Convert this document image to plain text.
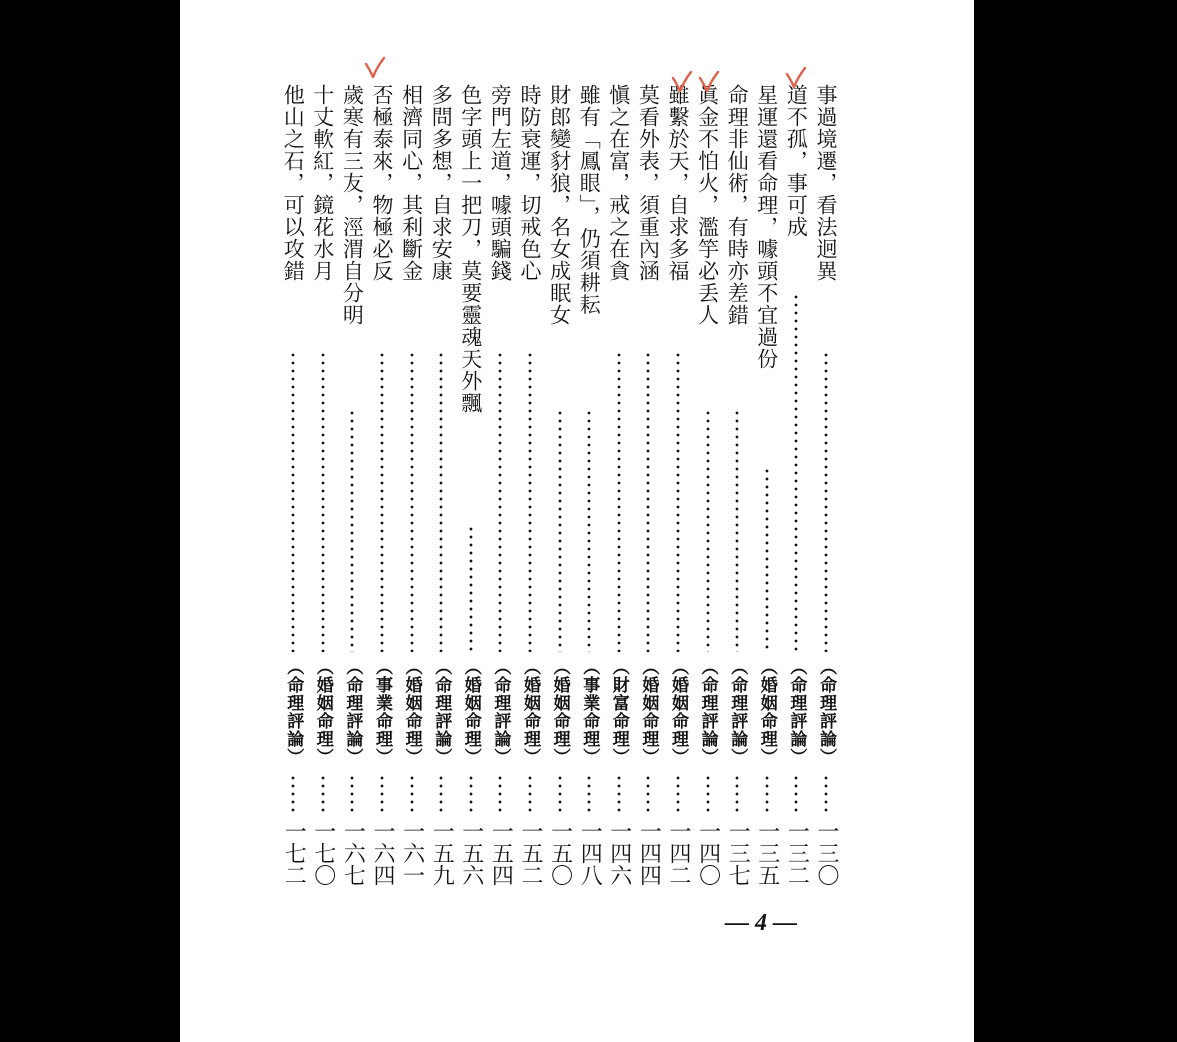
事過境遷，看法迥異
（命理評論）
一三〇
道不孤，事可成
（命理評論）
一三二
星運還看命理，噱頭不宜過份
（婚姻命理）
一三五
命理非仙術，有時亦差錯
（命理評論）
一三七
眞金不怕火，濫竽必丢人
（命理評論）
一四〇
雖繫於天，自求多福
（婚姻命理）
一四二
莫看外表，須重內涵
（婚姻命理）
一四四
愼之在富，戒之在貪
（財富命理）
一四六
雖有「鳳眼」，仍須耕耘
（事業命理）
一四八
財郎變豺狼，名女成眠女
（婚姻命理）
一五〇
時防衰運，切戒色心
（婚姻命理）
一五二
旁門左道，噱頭騙錢
（命理評論）
一五四
色字頭上一把刀，莫要靈魂天外飄
（婚姻命理）
一五六
多問多想，自求安康
（命理評論）
一五九
相濟同心，其利斷金
（婚姻命理）
一六一
否極泰來，物極必反
（事業命理）
一六四
歲寒有三友，涇渭自分明
（命理評論）
一六七
十丈軟紅，鏡花水月
（婚姻命理）
一七〇
他山之石，可以攻錯
（命理評論）
一七二
— 4 —
